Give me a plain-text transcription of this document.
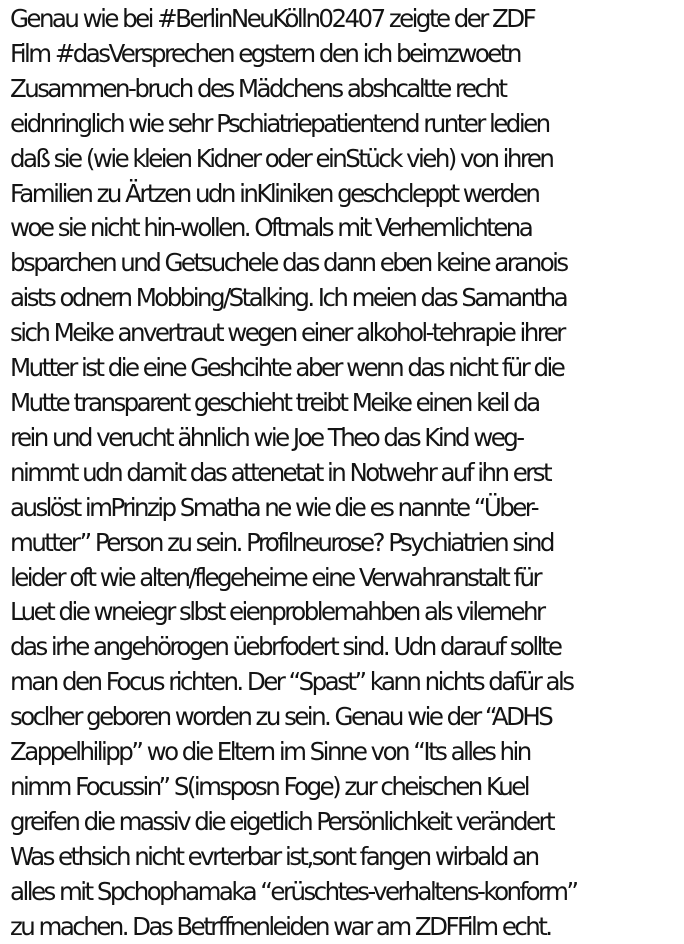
Genau wie bei #BerlinNeuKölln02407 zeigte der ZDF
Film #dasVersprechen egstern den ich beimzwoetn
Zusammen-bruch des Mädchens abshcaltte recht
eidnringlich wie sehr Pschiatriepatientend runter ledien
daß sie (wie kleien Kidner oder einStück vieh) von ihren
Familien zu Ärtzen udn inKliniken geschcleppt werden
woe sie nicht hin-wollen. Oftmals mit Verhemlichtena
bsparchen und Getsuchele das dann eben keine aranois
aists odnern Mobbing/Stalking. Ich meien das Samantha
sich Meike anvertraut wegen einer alkohol-tehrapie ihrer
Mutter ist die eine Geshcihte aber wenn das nicht für die
Mutte transparent geschieht treibt Meike einen keil da
rein und verucht ähnlich wie Joe Theo das Kind weg-
nimmt udn damit das attenetat in Notwehr auf ihn erst
auslöst imPrinzip Smatha ne wie die es nannte “Über-
mutter” Person zu sein. Profilneurose? Psychiatrien sind
leider oft wie alten/flegeheime eine Verwahranstalt für
Luet die wneiegr slbst eienproblemahben als vilemehr
das irhe angehörogen üebrfodert sind. Udn darauf sollte
man den Focus richten. Der “Spast” kann nichts dafür als
soclher geboren worden zu sein. Genau wie der “ADHS
Zappelhilipp” wo die Eltern im Sinne von “Its alles hin
nimm Focussin” S(imsposn Foge) zur cheischen Kuel
greifen die massiv die eigetlich Persönlichkeit verändert
Was ethsich nicht evrterbar ist,sont fangen wirbald an
alles mit Spchophamaka “erüschtes-verhaltens-konform”
zu machen. Das Betrffnenleiden war am ZDFFilm echt.
